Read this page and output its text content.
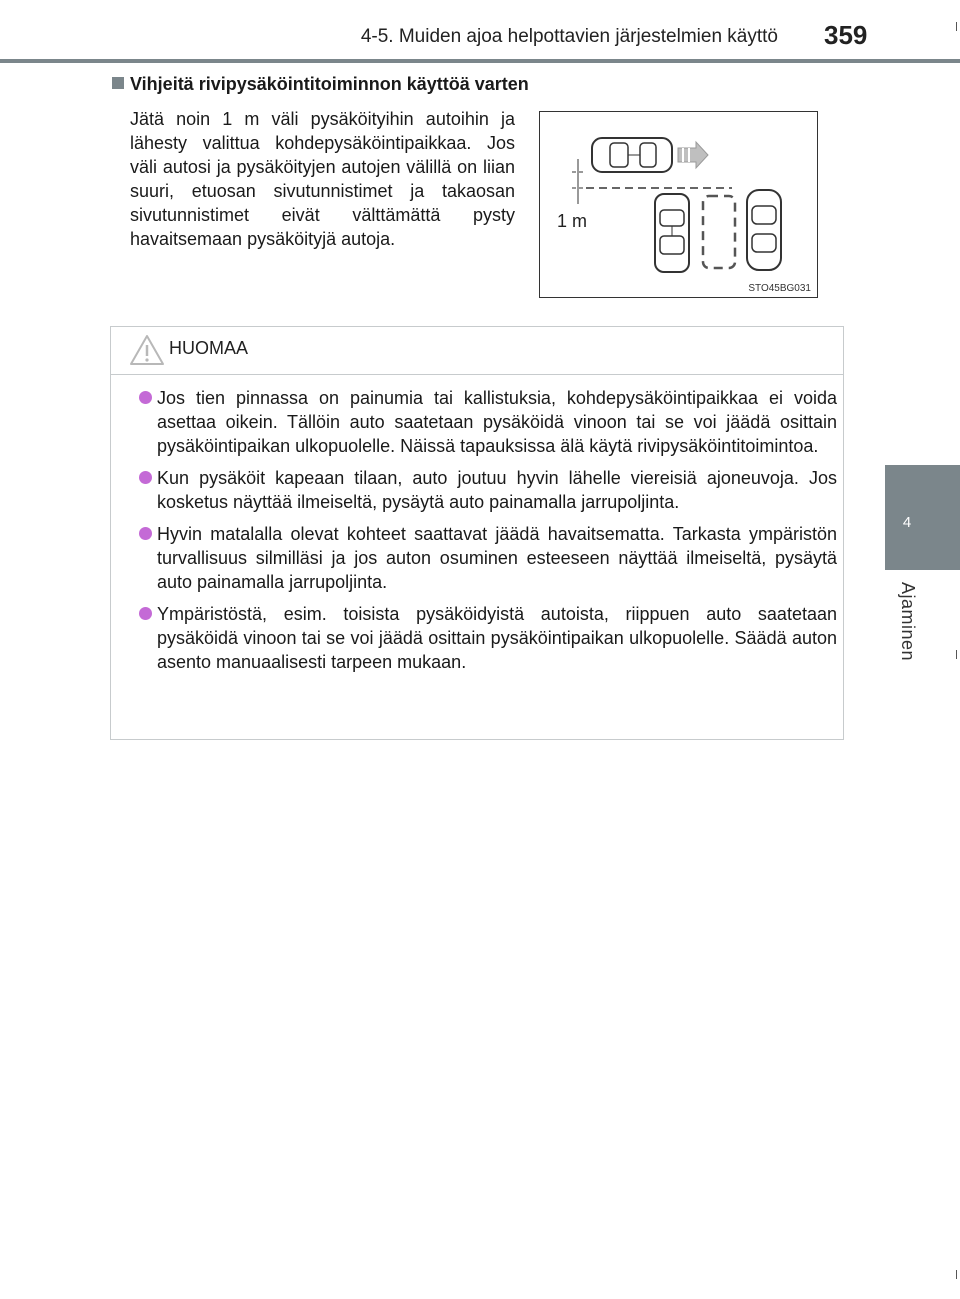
4-5. Muiden ajoa helpottavien järjestelmien käyttö 359
4
Ajaminen
Vihjeitä rivipysäköintitoiminnon käyttöä varten
Jätä noin 1 m väli pysäköityihin autoihin ja lähesty valittua kohdepysäköintipaikkaa. Jos väli autosi ja pysäköityjen autojen välillä on liian suuri, etuosan sivutunnistimet ja takaosan sivutunnistimet eivät välttämättä pysty havaitsemaan pysäköityjä autoja.
1 m
STO45BG031
HUOMAA
Jos tien pinnassa on painumia tai kallistuksia, kohdepysäköintipaikkaa ei voida asettaa oikein. Tällöin auto saatetaan pysäköidä vinoon tai se voi jäädä osittain pysäköintipaikan ulkopuolelle. Näissä tapauksissa älä käytä rivipysäköintitoimintoa.
Kun pysäköit kapeaan tilaan, auto joutuu hyvin lähelle viereisiä ajoneuvoja. Jos kosketus näyttää ilmeiseltä, pysäytä auto painamalla jarrupoljinta.
Hyvin matalalla olevat kohteet saattavat jäädä havaitsematta. Tarkasta ympäristön turvallisuus silmilläsi ja jos auton osuminen esteeseen näyttää ilmeiseltä, pysäytä auto painamalla jarrupoljinta.
Ympäristöstä, esim. toisista pysäköidyistä autoista, riippuen auto saatetaan pysäköidä vinoon tai se voi jäädä osittain pysäköintipaikan ulkopuolelle. Säädä auton asento manuaalisesti tarpeen mukaan.
